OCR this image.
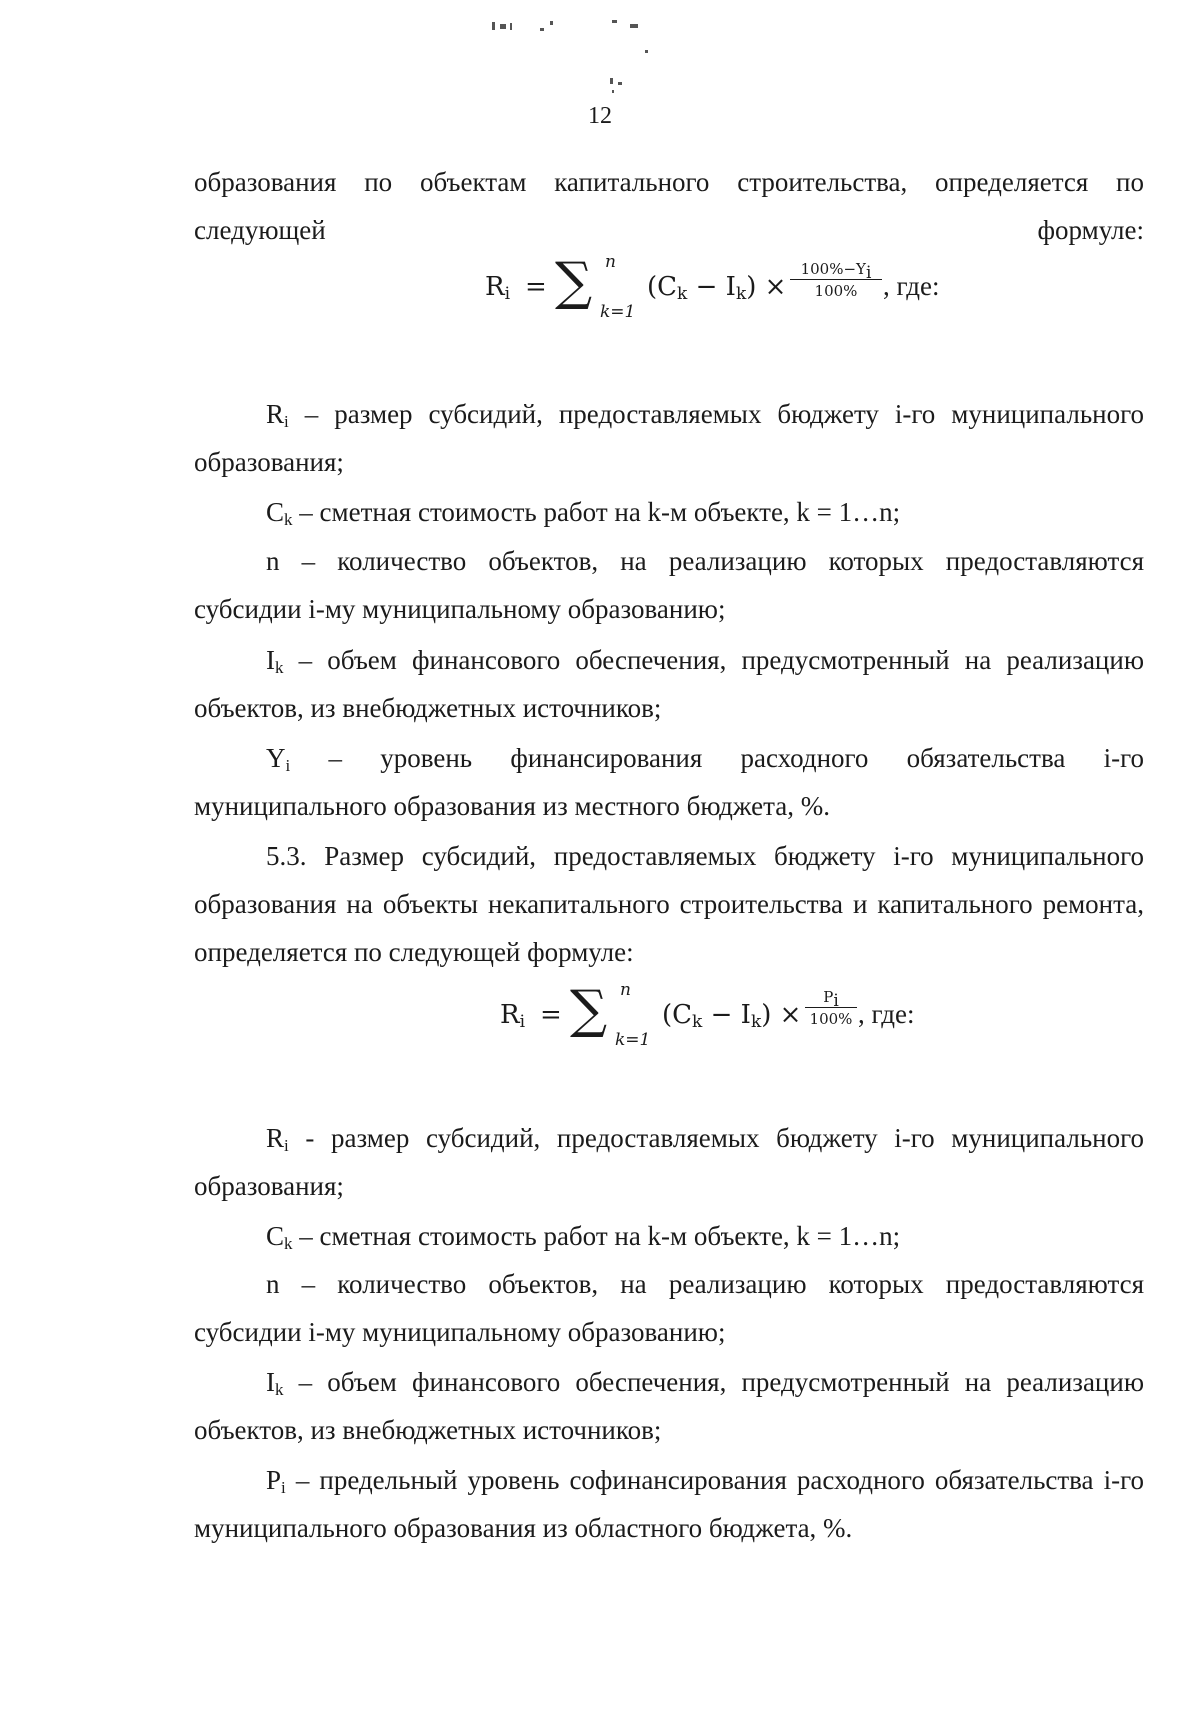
12

образования по объектам капитального строительства, определяется по следующей формуле:

$R_i$ = ∑ n
k=1
$(C_k - I_k) \times \frac{100\%-Yi}{100\%}$ , где:

$R_i$ – размер субсидий, предоставляемых бюджету i-го муниципального образования;

$C_k$ – сметная стоимость работ на k-м объекте, k = 1…n;

n – количество объектов, на реализацию которых предоставляются субсидии i-му муниципальному образованию;

$I_k$ – объем финансового обеспечения, предусмотренный на реализацию объектов, из внебюджетных источников;

$Y_i$ – уровень финансирования расходного обязательства i-го муниципального образования из местного бюджета, %.

5.3. Размер субсидий, предоставляемых бюджету i-го муниципального образования на объекты некапитального строительства и капитального ремонта, определяется по следующей формуле:

$R_i$ = ∑ n
k=1
$(C_k - I_k) \times \frac{Pi}{100\%}$ , где:

$R_i$ - размер субсидий, предоставляемых бюджету i-го муниципального образования;

$C_k$ – сметная стоимость работ на k-м объекте, k = 1…n;

n – количество объектов, на реализацию которых предоставляются субсидии i-му муниципальному образованию;

$I_k$ – объем финансового обеспечения, предусмотренный на реализацию объектов, из внебюджетных источников;

$P_i$ – предельный уровень софинансирования расходного обязательства i-го муниципального образования из областного бюджета, %.
